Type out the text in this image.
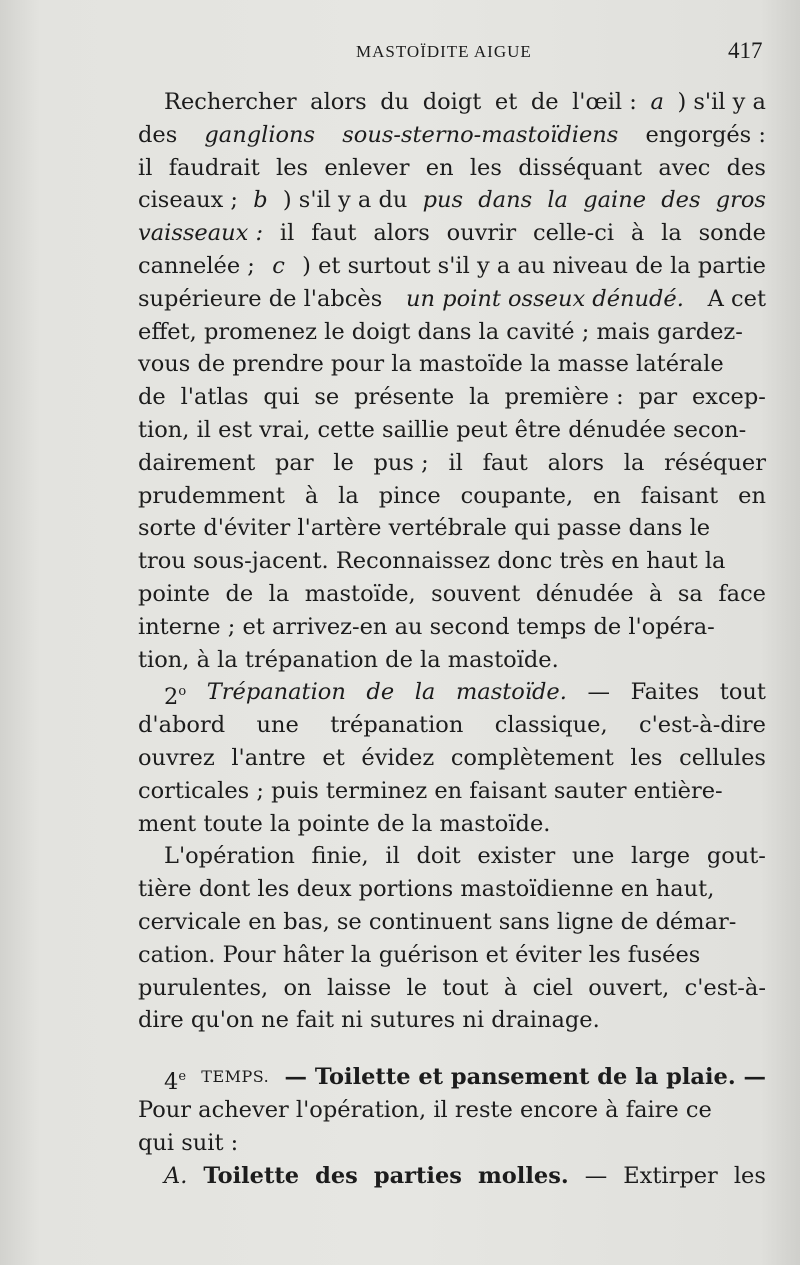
MASTOÏDITE AIGUE	417
Rechercher alors du doigt et de l'œil : a ) s'il y a
des ganglions sous-sterno-mastoïdiens engorgés :
il faudrait les enlever en les disséquant avec des
ciseaux ; b ) s'il y a du pus dans la gaine des gros
vaisseaux : il faut alors ouvrir celle-ci à la sonde
cannelée ; c ) et surtout s'il y a au niveau de la partie
supérieure de l'abcès un point osseux dénudé. A cet
effet, promenez le doigt dans la cavité ; mais gardez-
vous de prendre pour la mastoïde la masse latérale
de l'atlas qui se présente la première : par excep-
tion, il est vrai, cette saillie peut être dénudée secon-
dairement par le pus ; il faut alors la réséquer
prudemment à la pince coupante, en faisant en
sorte d'éviter l'artère vertébrale qui passe dans le
trou sous-jacent. Reconnaissez donc très en haut la
pointe de la mastoïde, souvent dénudée à sa face
interne ; et arrivez-en au second temps de l'opéra-
tion, à la trépanation de la mastoïde.
2$^o$ Trépanation de la mastoïde. — Faites tout
d'abord une trépanation classique, c'est-à-dire
ouvrez l'antre et évidez complètement les cellules
corticales ; puis terminez en faisant sauter entière-
ment toute la pointe de la mastoïde.
L'opération finie, il doit exister une large gout-
tière dont les deux portions mastoïdienne en haut,
cervicale en bas, se continuent sans ligne de démar-
cation. Pour hâter la guérison et éviter les fusées
purulentes, on laisse le tout à ciel ouvert, c'est-à-
dire qu'on ne fait ni sutures ni drainage.
4e TEMPS. — Toilette et pansement de la plaie. —
Pour achever l'opération, il reste encore à faire ce
qui suit :
A. Toilette des parties molles. — Extirper les
